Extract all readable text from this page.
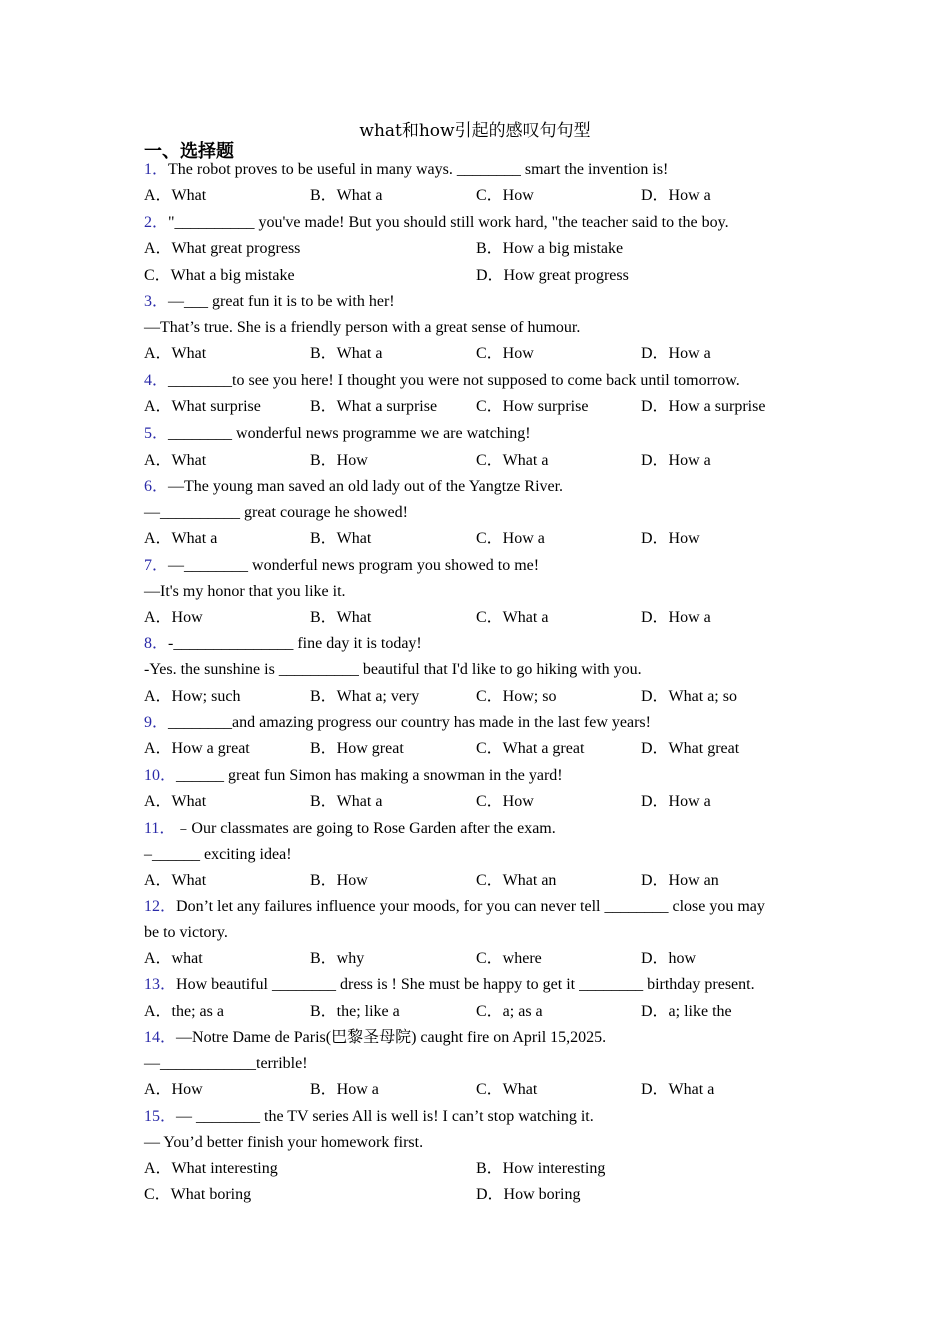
what和how引起的感叹句句型
一、选择题
1．The robot proves to be useful in many ways. ________ smart the invention is!
A．What	B．What a	C．How	D．How a
2．"__________ you've made! But you should still work hard, "the teacher said to the boy.
A．What great progress	B．How a big mistake
C．What a big mistake	D．How great progress
3．—___ great fun it is to be with her!
—That’s true. She is a friendly person with a great sense of humour.
A．What	B．What a	C．How	D．How a
4．________to see you here! I thought you were not supposed to come back until tomorrow.
A．What surprise	B．What a surprise C．How surprise	D．How a surprise
5．________ wonderful news programme we are watching!
A．What	B．How	C．What a	D．How a
6．—The young man saved an old lady out of the Yangtze River.
—__________ great courage he showed!
A．What a	B．What	C．How a	D．How
7．—________ wonderful news program you showed to me!
—It's my honor that you like it.
A．How	B．What	C．What a	D．How a
8．-_______________ fine day it is today!
-Yes. the sunshine is __________ beautiful that I'd like to go hiking with you.
A．How; such	B．What a; very	C．How; so	D．What a; so
9．________and amazing progress our country has made in the last few years!
A．How a great	B．How great	C．What a great	D．What great
10．______ great fun Simon has making a snowman in the yard!
A．What	B．What a	C．How	D．How a
11．﹣Our classmates are going to Rose Garden after the exam.
–______ exciting idea!
A．What	B．How	C．What an	D．How an
12．Don’t let any failures influence your moods, for you can never tell ________ close you may
be to victory.
A．what	B．why	C．where	D．how
13．How beautiful ________ dress is ! She must be happy to get it ________ birthday present.
A．the; as a	B．the; like a	C．a; as a	D．a; like the
14．—Notre Dame de Paris(巴黎圣母院) caught fire on April 15,2025.
—____________terrible!
A．How	B．How a	C．What	D．What a
15．— ________ the TV series All is well is! I can’t stop watching it.
— You’d better finish your homework first.
A．What interesting	B．How interesting
C．What boring	D．How boring
